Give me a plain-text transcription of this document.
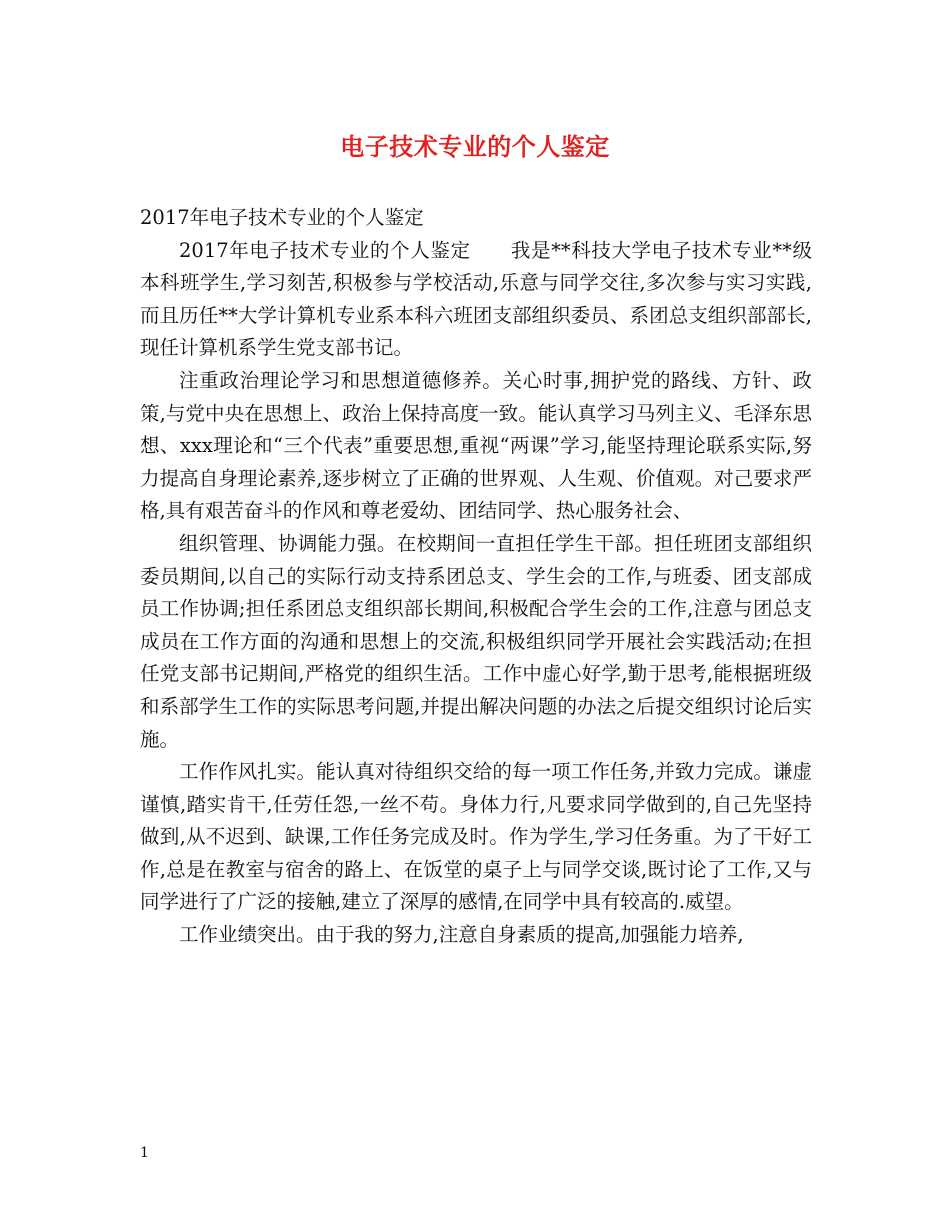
电子技术专业的个人鉴定

2017年电子技术专业的个人鉴定

2017年电子技术专业的个人鉴定　　我是**科技大学电子技术专业**级本科班学生,学习刻苦,积极参与学校活动,乐意与同学交往,多次参与实习实践,而且历任**大学计算机专业系本科六班团支部组织委员、系团总支组织部部长,现任计算机系学生党支部书记。

注重政治理论学习和思想道德修养。关心时事,拥护党的路线、方针、政策,与党中央在思想上、政治上保持高度一致。能认真学习马列主义、毛泽东思想、xxx理论和“三个代表”重要思想,重视“两课”学习,能坚持理论联系实际,努力提高自身理论素养,逐步树立了正确的世界观、人生观、价值观。对己要求严格,具有艰苦奋斗的作风和尊老爱幼、团结同学、热心服务社会、

组织管理、协调能力强。在校期间一直担任学生干部。担任班团支部组织委员期间,以自己的实际行动支持系团总支、学生会的工作,与班委、团支部成员工作协调;担任系团总支组织部长期间,积极配合学生会的工作,注意与团总支成员在工作方面的沟通和思想上的交流,积极组织同学开展社会实践活动;在担任党支部书记期间,严格党的组织生活。工作中虚心好学,勤于思考,能根据班级和系部学生工作的实际思考问题,并提出解决问题的办法之后提交组织讨论后实施。

工作作风扎实。能认真对待组织交给的每一项工作任务,并致力完成。谦虚谨慎,踏实肯干,任劳任怨,一丝不苟。身体力行,凡要求同学做到的,自己先坚持做到,从不迟到、缺课,工作任务完成及时。作为学生,学习任务重。为了干好工作,总是在教室与宿舍的路上、在饭堂的桌子上与同学交谈,既讨论了工作,又与同学进行了广泛的接触,建立了深厚的感情,在同学中具有较高的.威望。

工作业绩突出。由于我的努力,注意自身素质的提高,加强能力培养,

1
